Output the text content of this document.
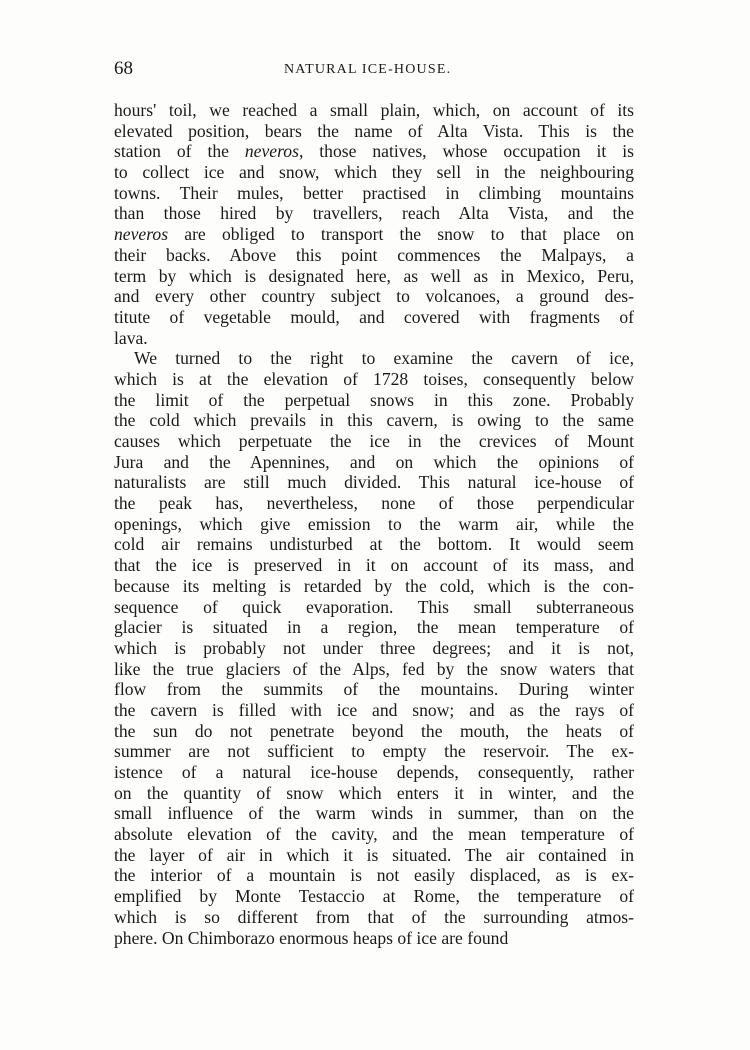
68	NATURAL ICE-HOUSE.
hours' toil, we reached a small plain, which, on account of its
elevated position, bears the name of Alta Vista. This is the
station of the neveros, those natives, whose occupation it is
to collect ice and snow, which they sell in the neighbouring
towns. Their mules, better practised in climbing mountains
than those hired by travellers, reach Alta Vista, and the
neveros are obliged to transport the snow to that place on
their backs. Above this point commences the Malpays, a
term by which is designated here, as well as in Mexico, Peru,
and every other country subject to volcanoes, a ground des-
titute of vegetable mould, and covered with fragments of
lava.
We turned to the right to examine the cavern of ice,
which is at the elevation of 1728 toises, consequently below
the limit of the perpetual snows in this zone. Probably
the cold which prevails in this cavern, is owing to the same
causes which perpetuate the ice in the crevices of Mount
Jura and the Apennines, and on which the opinions of
naturalists are still much divided. This natural ice-house of
the peak has, nevertheless, none of those perpendicular
openings, which give emission to the warm air, while the
cold air remains undisturbed at the bottom. It would seem
that the ice is preserved in it on account of its mass, and
because its melting is retarded by the cold, which is the con-
sequence of quick evaporation. This small subterraneous
glacier is situated in a region, the mean temperature of
which is probably not under three degrees; and it is not,
like the true glaciers of the Alps, fed by the snow waters that
flow from the summits of the mountains. During winter
the cavern is filled with ice and snow; and as the rays of
the sun do not penetrate beyond the mouth, the heats of
summer are not sufficient to empty the reservoir. The ex-
istence of a natural ice-house depends, consequently, rather
on the quantity of snow which enters it in winter, and the
small influence of the warm winds in summer, than on the
absolute elevation of the cavity, and the mean temperature of
the layer of air in which it is situated. The air contained in
the interior of a mountain is not easily displaced, as is ex-
emplified by Monte Testaccio at Rome, the temperature of
which is so different from that of the surrounding atmos-
phere. On Chimborazo enormous heaps of ice are found
